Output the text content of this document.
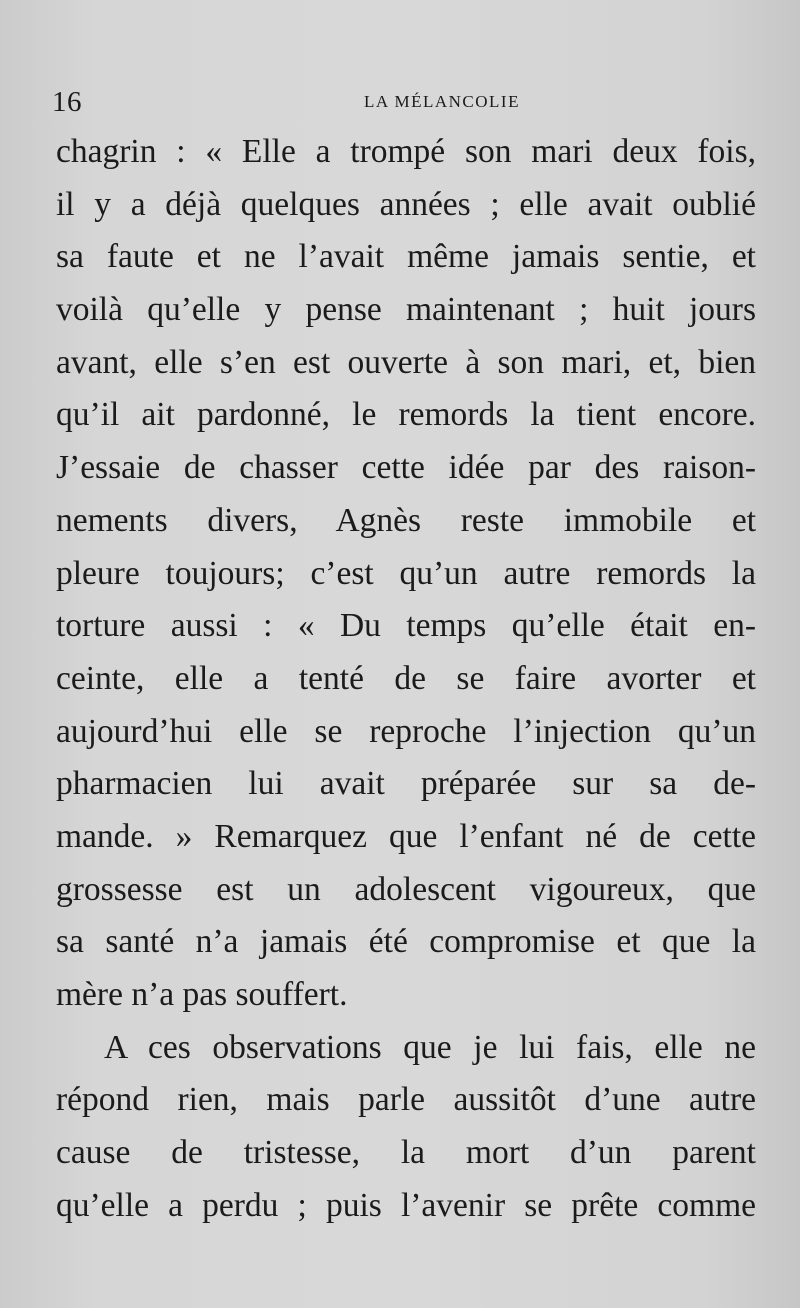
16	LA MÉLANCOLIE
chagrin : « Elle a trompé son mari deux fois,
il y a déjà quelques années ; elle avait oublié
sa faute et ne l’avait même jamais sentie, et
voilà qu’elle y pense maintenant ; huit jours
avant, elle s’en est ouverte à son mari, et, bien
qu’il ait pardonné, le remords la tient encore.
J’essaie de chasser cette idée par des raison-
nements divers, Agnès reste immobile et
pleure toujours; c’est qu’un autre remords la
torture aussi : « Du temps qu’elle était en-
ceinte, elle a tenté de se faire avorter et
aujourd’hui elle se reproche l’injection qu’un
pharmacien lui avait préparée sur sa de-
mande. » Remarquez que l’enfant né de cette
grossesse est un adolescent vigoureux, que
sa santé n’a jamais été compromise et que la
mère n’a pas souffert.
A ces observations que je lui fais, elle ne
répond rien, mais parle aussitôt d’une autre
cause de tristesse, la mort d’un parent
qu’elle a perdu ; puis l’avenir se prête comme
